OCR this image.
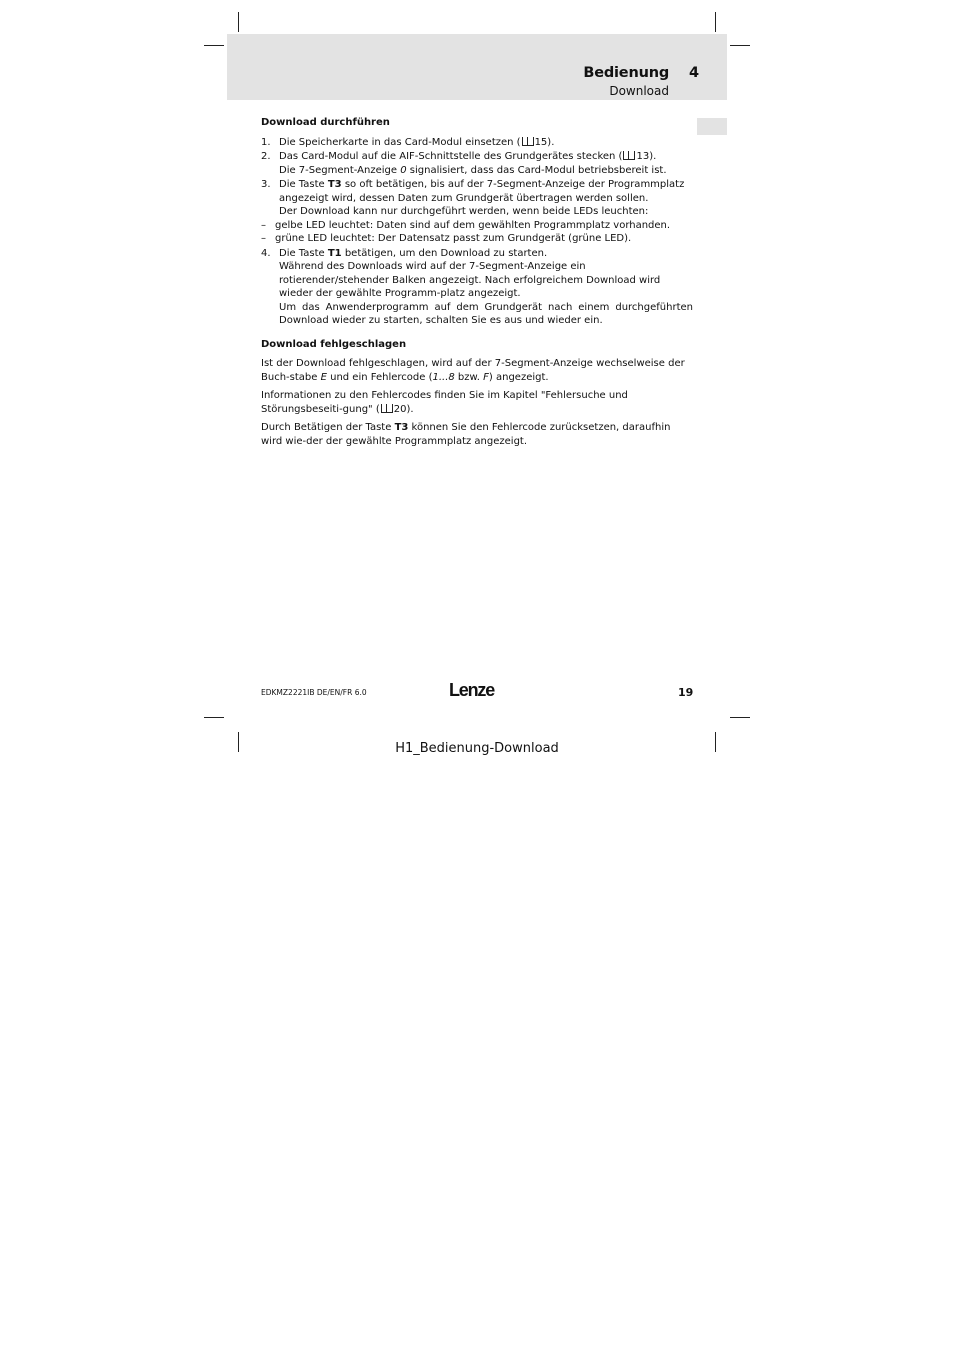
Bedienung 4
Download
Download durchführen
1. Die Speicherkarte in das Card-Modul einsetzen ( 15).
2. Das Card-Modul auf die AIF-Schnittstelle des Grundgerätes stecken ( 13).
Die 7-Segment-Anzeige 0 signalisiert, dass das Card-Modul betriebsbereit ist.
3. Die Taste T3 so oft betätigen, bis auf der 7-Segment-Anzeige der Programmplatz angezeigt wird, dessen Daten zum Grundgerät übertragen werden sollen.
Der Download kann nur durchgeführt werden, wenn beide LEDs leuchten:
– gelbe LED leuchtet: Daten sind auf dem gewählten Programmplatz vorhanden.
– grüne LED leuchtet: Der Datensatz passt zum Grundgerät (grüne LED).
4. Die Taste T1 betätigen, um den Download zu starten.
Während des Downloads wird auf der 7-Segment-Anzeige ein rotierender/stehender Balken angezeigt. Nach erfolgreichem Download wird wieder der gewählte Programm-platz angezeigt.
Um das Anwenderprogramm auf dem Grundgerät nach einem durchgeführten Download wieder zu starten, schalten Sie es aus und wieder ein.
Download fehlgeschlagen

Ist der Download fehlgeschlagen, wird auf der 7-Segment-Anzeige wechselweise der Buch-stabe E und ein Fehlercode (1...8 bzw. F) angezeigt.

Informationen zu den Fehlercodes finden Sie im Kapitel "Fehlersuche und Störungsbeseiti-gung" ( 20).

Durch Betätigen der Taste T3 können Sie den Fehlercode zurücksetzen, daraufhin wird wie-der der gewählte Programmplatz angezeigt.

EDKMZ2221IB DE/EN/FR 6.0	Lenze	19
H1_Bedienung-Download
